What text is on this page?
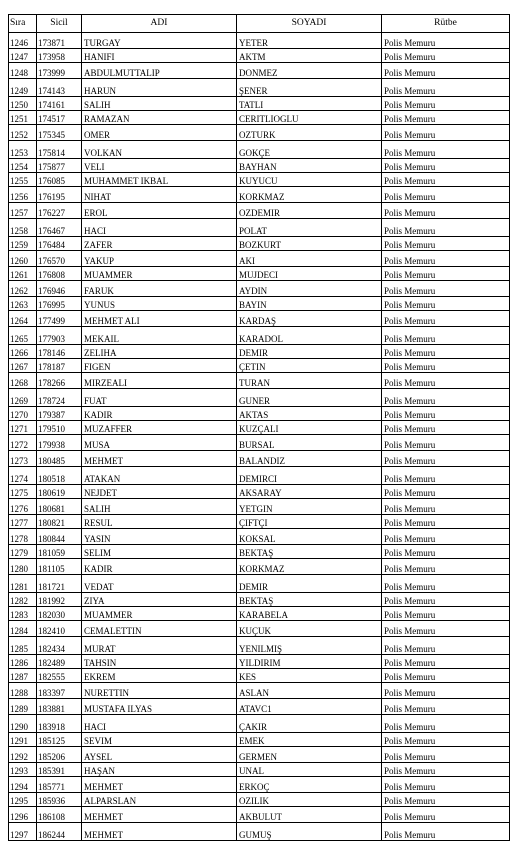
Sıra	Sicil	ADI	SOYADI	Rütbe
1246	173871	TURGAY	YETER	Polis Memuru
1247	173958	HANIFI	AKTM	Polis Memuru
1248	173999	ABDULMUTTALIP	DONMEZ	Polis Memuru
1249	174143	HARUN	ŞENER	Polis Memuru
1250	174161	SALIH	TATLI	Polis Memuru
1251	174517	RAMAZAN	CERITLIOGLU	Polis Memuru
1252	175345	OMER	OZTURK	Polis Memuru
1253	175814	VOLKAN	GOKÇE	Polis Memuru
1254	175877	VELI	BAYHAN	Polis Memuru
1255	176085	MUHAMMET IKBAL	KUYUCU	Polis Memuru
1256	176195	NIHAT	KORKMAZ	Polis Memuru
1257	176227	EROL	OZDEMIR	Polis Memuru
1258	176467	HACI	POLAT	Polis Memuru
1259	176484	ZAFER	BOZKURT	Polis Memuru
1260	176570	YAKUP	AKI	Polis Memuru
1261	176808	MUAMMER	MUJDECI	Polis Memuru
1262	176946	FARUK	AYDIN	Polis Memuru
1263	176995	YUNUS	BAYIN	Polis Memuru
1264	177499	MEHMET ALI	KARDAŞ	Polis Memuru
1265	177903	MEKAIL	KARADOL	Polis Memuru
1266	178146	ZELIHA	DEMIR	Polis Memuru
1267	178187	FIGEN	ÇETIN	Polis Memuru
1268	178266	MIRZEALI	TURAN	Polis Memuru
1269	178724	FUAT	GUNER	Polis Memuru
1270	179387	KADIR	AKTAS	Polis Memuru
1271	179510	MUZAFFER	KUZÇALI	Polis Memuru
1272	179938	MUSA	BURSAL	Polis Memuru
1273	180485	MEHMET	BALANDIZ	Polis Memuru
1274	180518	ATAKAN	DEMIRCI	Polis Memuru
1275	180619	NEJDET	AKSARAY	Polis Memuru
1276	180681	SALIH	YETGIN	Polis Memuru
1277	180821	RESUL	ÇIFTÇI	Polis Memuru
1278	180844	YASIN	KOKSAL	Polis Memuru
1279	181059	SELIM	BEKTAŞ	Polis Memuru
1280	181105	KADIR	KORKMAZ	Polis Memuru
1281	181721	VEDAT	DEMIR	Polis Memuru
1282	181992	ZIYA	BEKTAŞ	Polis Memuru
1283	182030	MUAMMER	KARABELA	Polis Memuru
1284	182410	CEMALETTIN	KUÇUK	Polis Memuru
1285	182434	MURAT	YENILMIŞ	Polis Memuru
1286	182489	TAHSIN	YILDIRIM	Polis Memuru
1287	182555	EKREM	KES	Polis Memuru
1288	183397	NURETTIN	ASLAN	Polis Memuru
1289	183881	MUSTAFA ILYAS	ATAVC1	Polis Memuru
1290	183918	HACI	ÇAKIR	Polis Memuru
1291	185125	SEVIM	EMEK	Polis Memuru
1292	185206	AYSEL	GERMEN	Polis Memuru
1293	185391	HAŞAN	UNAL	Polis Memuru
1294	185771	MEHMET	ERKOÇ	Polis Memuru
1295	185936	ALPARSLAN	OZILIK	Polis Memuru
1296	186108	MEHMET	AKBULUT	Polis Memuru
1297	186244	MEHMET	GUMUŞ	Polis Memuru
